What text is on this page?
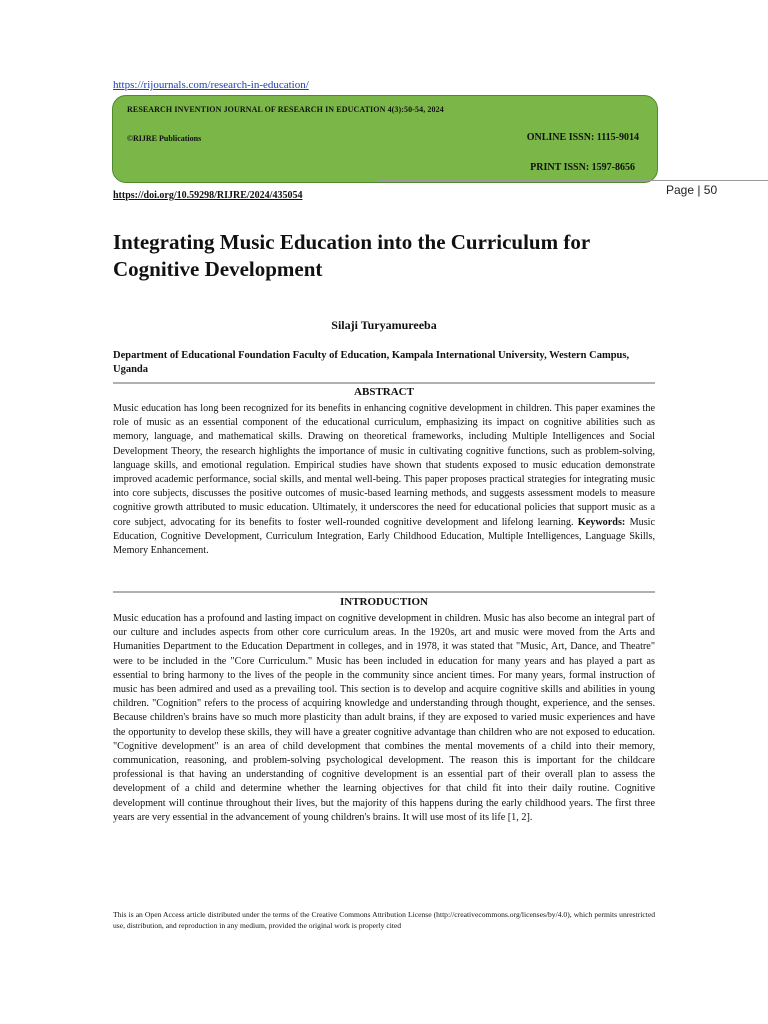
https://rijournals.com/research-in-education/
RESEARCH INVENTION JOURNAL OF RESEARCH IN EDUCATION 4(3):50-54, 2024
©RIJRE Publications	ONLINE ISSN: 1115-9014
PRINT ISSN: 1597-8656
Page | 50
https://doi.org/10.59298/RIJRE/2024/435054
Integrating Music Education into the Curriculum for Cognitive Development
Silaji Turyamureeba
Department of Educational Foundation Faculty of Education, Kampala International University, Western Campus, Uganda
ABSTRACT

Music education has long been recognized for its benefits in enhancing cognitive development in children. This paper examines the role of music as an essential component of the educational curriculum, emphasizing its impact on cognitive abilities such as memory, language, and mathematical skills. Drawing on theoretical frameworks, including Multiple Intelligences and Social Development Theory, the research highlights the importance of music in cultivating cognitive functions, such as problem-solving, language skills, and emotional regulation. Empirical studies have shown that students exposed to music education demonstrate improved academic performance, social skills, and mental well-being. This paper proposes practical strategies for integrating music into core subjects, discusses the positive outcomes of music-based learning methods, and suggests assessment models to measure cognitive growth attributed to music education. Ultimately, it underscores the need for educational policies that support music as a core subject, advocating for its benefits to foster well-rounded cognitive development and lifelong learning. Keywords: Music Education, Cognitive Development, Curriculum Integration, Early Childhood Education, Multiple Intelligences, Language Skills, Memory Enhancement.

INTRODUCTION

Music education has a profound and lasting impact on cognitive development in children. Music has also become an integral part of our culture and includes aspects from other core curriculum areas. In the 1920s, art and music were moved from the Arts and Humanities Department to the Education Department in colleges, and in 1978, it was stated that "Music, Art, Dance, and Theatre" were to be included in the "Core Curriculum." Music has been included in education for many years and has played a part as essential to bring harmony to the lives of the people in the community since ancient times. For many years, formal instruction of music has been admired and used as a prevailing tool. This section is to develop and acquire cognitive skills and abilities in young children. "Cognition" refers to the process of acquiring knowledge and understanding through thought, experience, and the senses. Because children's brains have so much more plasticity than adult brains, if they are exposed to varied music experiences and have the opportunity to develop these skills, they will have a greater cognitive advantage than children who are not exposed to education. "Cognitive development" is an area of child development that combines the mental movements of a child into their memory, communication, reasoning, and problem-solving psychological development. The reason this is important for the childcare professional is that having an understanding of cognitive development is an essential part of their overall plan to assess the development of a child and determine whether the learning objectives for that child fit into their daily routine. Cognitive development will continue throughout their lives, but the majority of this happens during the early childhood years. The first three years are very essential in the advancement of young children's brains. It will use most of its life [1, 2].

This is an Open Access article distributed under the terms of the Creative Commons Attribution License (http://creativecommons.org/licenses/by/4.0), which permits unrestricted use, distribution, and reproduction in any medium, provided the original work is properly cited
